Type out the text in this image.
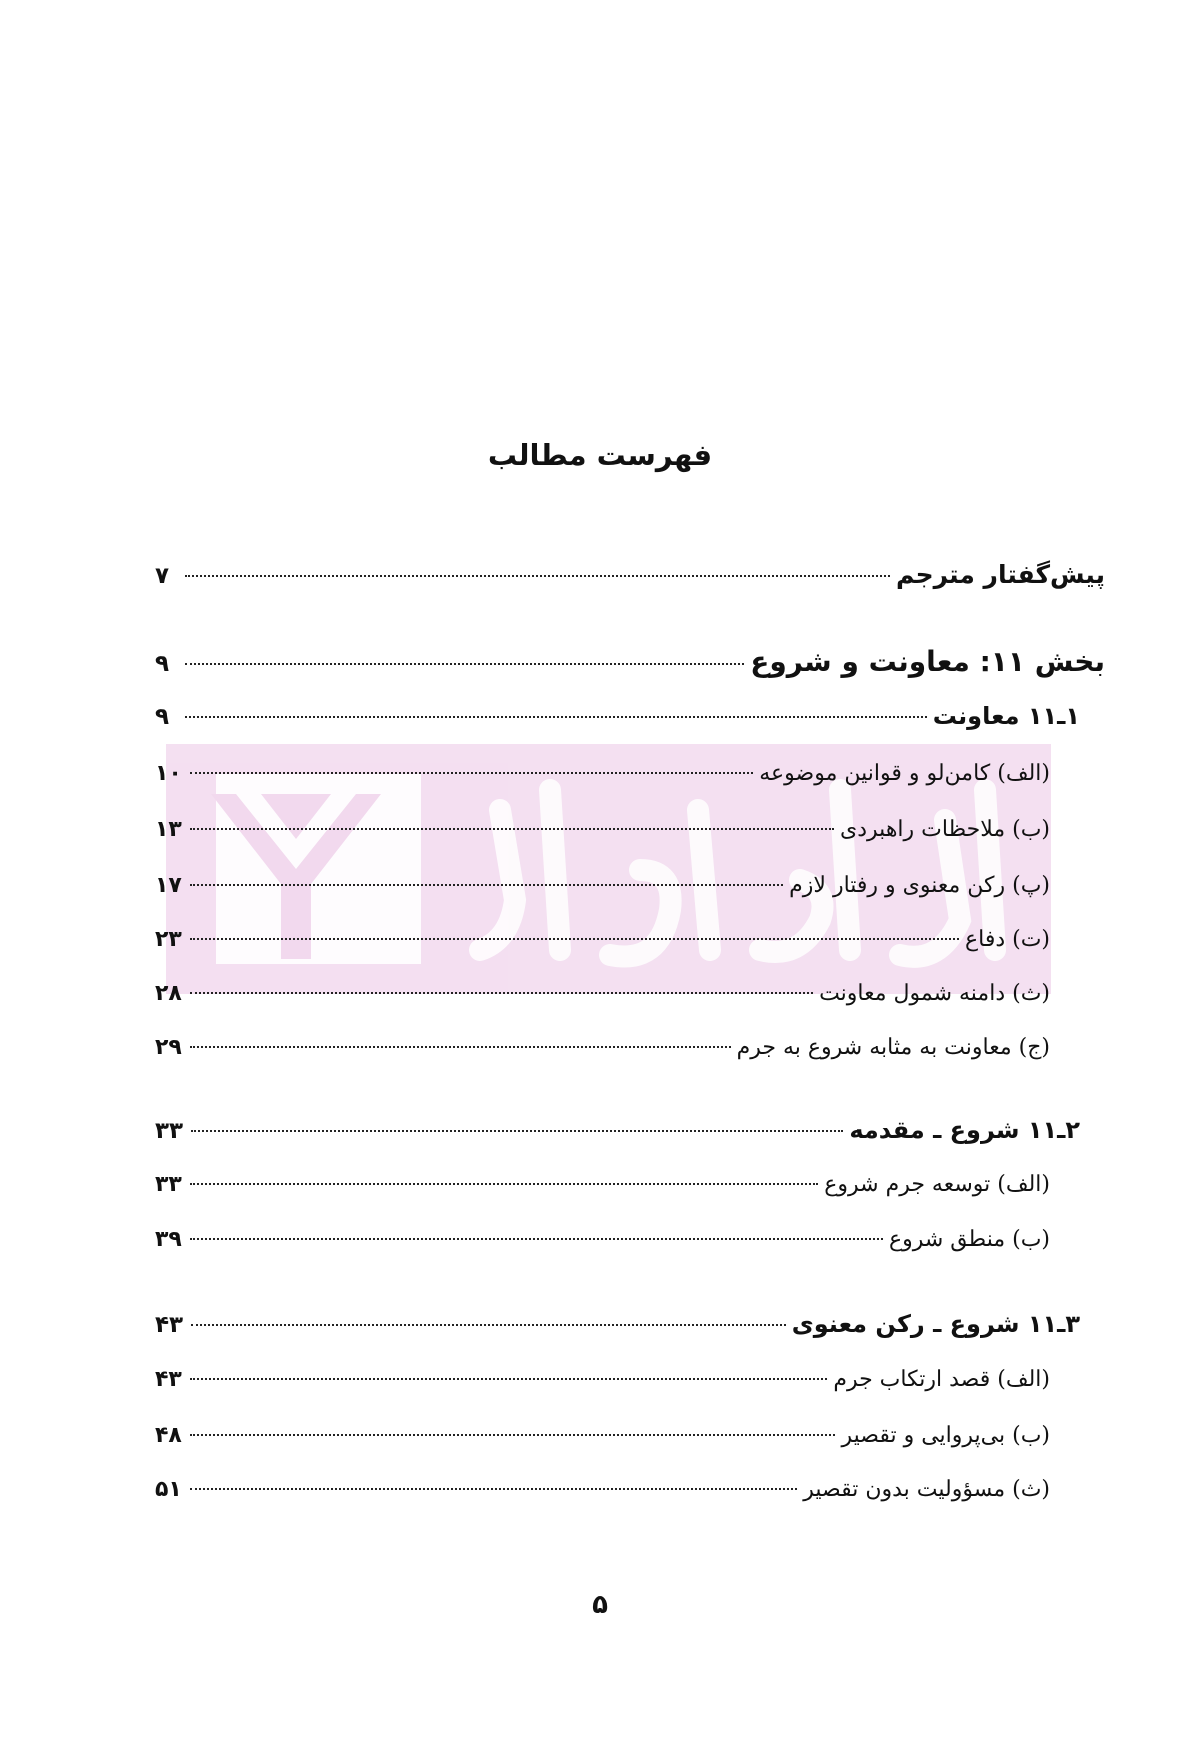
فهرست مطالب
پیش‌گفتار مترجم
۷
بخش ۱۱: معاونت و شروع
۹
۱ـ۱۱ معاونت
۹
(الف) کامن‌لو و قوانین موضوعه
۱۰
(ب) ملاحظات راهبردی
۱۳
(پ) رکن معنوی و رفتار لازم
۱۷
(ت) دفاع
۲۳
(ث) دامنه شمول معاونت
۲۸
(ج) معاونت به مثابه شروع به جرم
۲۹
۲ـ۱۱ شروع ـ مقدمه
۳۳
(الف) توسعه جرم شروع
۳۳
(ب) منطق شروع
۳۹
۳ـ۱۱ شروع ـ رکن معنوی
۴۳
(الف) قصد ارتکاب جرم
۴۳
(ب) بی‌پروایی و تقصیر
۴۸
(ث) مسؤولیت بدون تقصیر
۵۱
۵
